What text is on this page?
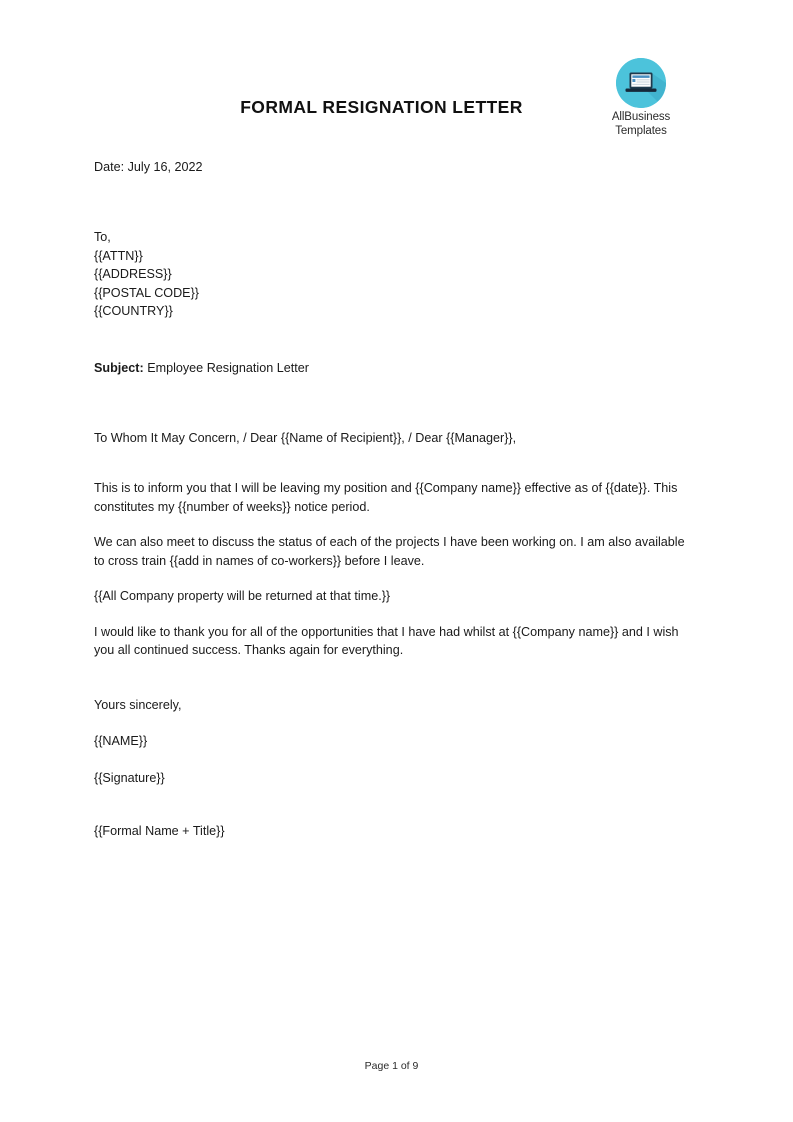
AllBusiness
Templates
FORMAL RESIGNATION LETTER
Date: July 16, 2022
To,
{{ATTN}}
{{ADDRESS}}
{{POSTAL CODE}}
{{COUNTRY}}
Subject: Employee Resignation Letter

To Whom It May Concern, / Dear {{Name of Recipient}}, / Dear {{Manager}},

This is to inform you that I will be leaving my position and {{Company name}} effective as of {{date}}. This constitutes my {{number of weeks}} notice period.

We can also meet to discuss the status of each of the projects I have been working on. I am also available to cross train {{add in names of co-workers}} before I leave.

{{All Company property will be returned at that time.}}

I would like to thank you for all of the opportunities that I have had whilst at {{Company name}} and I wish you all continued success. Thanks again for everything.

Yours sincerely,

{{NAME}}

{{Signature}}

{{Formal Name + Title}}

Page 1 of 9
